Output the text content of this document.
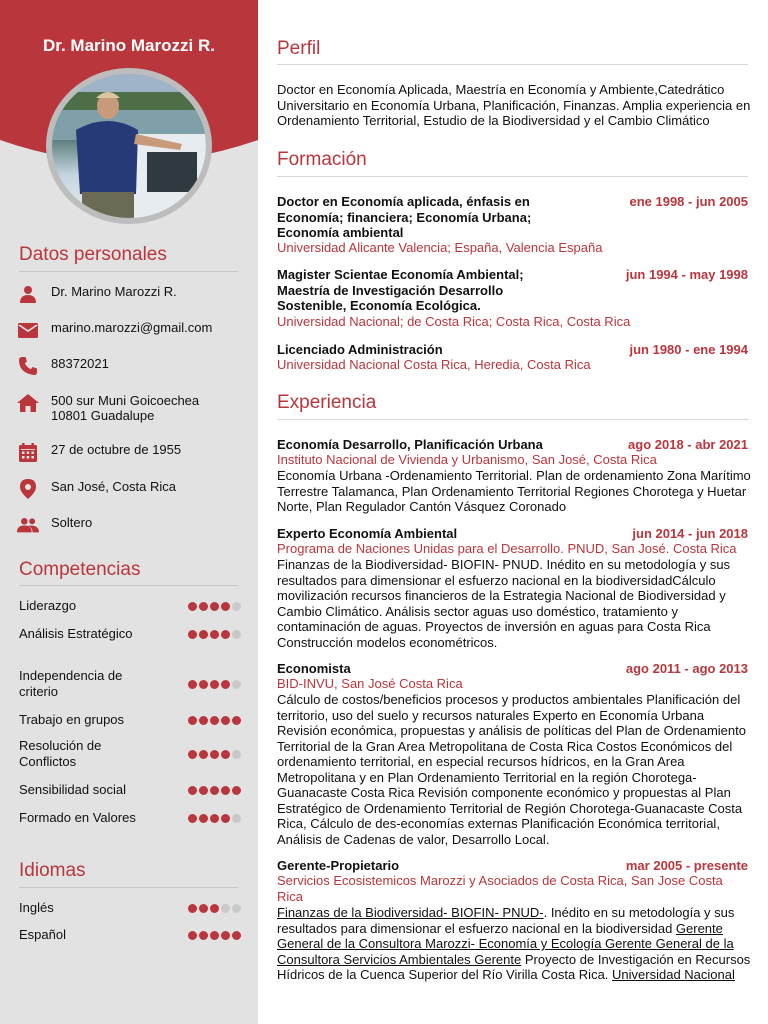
Dr. Marino Marozzi R.
Datos personales
Dr. Marino Marozzi R.
marino.marozzi@gmail.com
88372021
500 sur Muni Goicoechea
10801 Guadalupe
27 de octubre de 1955
San José, Costa Rica
Soltero
Competencias
Liderazgo
Análisis Estratégico
Independencia de criterio
Trabajo en grupos
Resolución de Conflictos
Sensibilidad social
Formado en Valores
Idiomas
Inglés
Español
Perfil
Doctor en Economía Aplicada, Maestría en Economía y Ambiente,Catedrático Universitario en Economía Urbana, Planificación, Finanzas. Amplia experiencia en Ordenamiento Territorial, Estudio de la Biodiversidad y el Cambio Climático
Formación
Doctor en Economía aplicada, énfasis en Economía; financiera; Economía Urbana; Economía ambiental
ene 1998 - jun 2005
Universidad Alicante Valencia; España, Valencia España
Magister Scientae Economía Ambiental; Maestría de Investigación Desarrollo Sostenible, Economía Ecológica.
jun 1994 - may 1998
Universidad Nacional; de Costa Rica; Costa Rica, Costa Rica
Licenciado Administración	jun 1980 - ene 1994
Universidad Nacional Costa Rica, Heredia, Costa Rica
Experiencia
Economía Desarrollo, Planificación Urbana	ago 2018 - abr 2021
Instituto Nacional de Vivienda y Urbanismo, San José, Costa Rica
Economía Urbana -Ordenamiento Territorial. Plan de ordenamiento Zona Marítimo Terrestre Talamanca, Plan Ordenamiento Territorial Regiones Chorotega y Huetar Norte, Plan Regulador Cantón Vásquez Coronado
Experto Economía Ambiental	jun 2014 - jun 2018
Programa de Naciones Unidas para el Desarrollo. PNUD, San José. Costa Rica
Finanzas de la Biodiversidad- BIOFIN- PNUD. Inédito en su metodología y sus resultados para dimensionar el esfuerzo nacional en la biodiversidadCálculo movilización recursos financieros de la Estrategia Nacional de Biodiversidad y Cambio Climático. Análisis sector aguas uso doméstico, tratamiento y contaminación de aguas. Proyectos de inversión en aguas para Costa Rica Construcción modelos econométricos.
Economista	ago 2011 - ago 2013
BID-INVU, San José Costa Rica
Cálculo de costos/beneficios procesos y productos ambientales Planificación del territorio, uso del suelo y recursos naturales Experto en Economía Urbana Revisión económica, propuestas y análisis de políticas del Plan de Ordenamiento Territorial de la Gran Area Metropolitana de Costa Rica Costos Económicos del ordenamiento territorial, en especial recursos hídricos, en la Gran Area Metropolitana y en Plan Ordenamiento Territorial en la región Chorotega-Guanacaste Costa Rica Revisión componente económico y propuestas al Plan Estratégico de Ordenamiento Territorial de Región Chorotega-Guanacaste Costa Rica, Cálculo de des-economías externas Planificación Económica territorial, Análisis de Cadenas de valor, Desarrollo Local.
Gerente-Propietario	mar 2005 - presente
Servicios Ecosistemicos Marozzi y Asociados de Costa Rica, San Jose Costa Rica
Finanzas de la Biodiversidad- BIOFIN- PNUD-. Inédito en su metodología y sus resultados para dimensionar el esfuerzo nacional en la biodiversidad Gerente General de la Consultora Marozzi- Economía y Ecología Gerente General de la Consultora Servicios Ambientales Gerente Proyecto de Investigación en Recursos Hídricos de la Cuenca Superior del Río Virilla Costa Rica. Universidad Nacional
